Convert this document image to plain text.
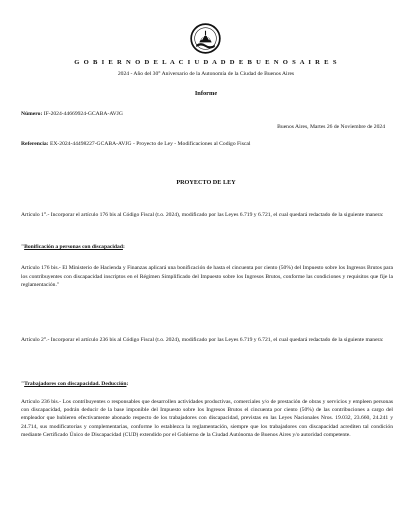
G O B I E R N O D E L A C I U D A D D E B U E N O S A I R E S
2024 - Año del 30° Aniversario de la Autonomía de la Ciudad de Buenos Aires
Informe
Número: IF-2024-44669924-GCABA-AVJG
Buenos Aires, Martes 26 de Noviembre de 2024
Referencia: EX-2024-44498227-GCABA-AVJG - Proyecto de Ley - Modificaciones al Codigo Fiscal
PROYECTO DE LEY
Artículo 1°.- Incorporar el artículo 176 bis al Código Fiscal (t.o. 2024), modificado por las Leyes 6.719 y 6.721, el cual quedará redactado de la siguiente manera:
"Bonificación a personas con discapacidad:
Artículo 176 bis.- El Ministerio de Hacienda y Finanzas aplicará una bonificación de hasta el cincuenta por ciento (50%) del Impuesto sobre los Ingresos Brutos para los contribuyentes con discapacidad inscriptos en el Régimen Simplificado del Impuesto sobre los Ingresos Brutos, conforme las condiciones y requisitos que fije la reglamentación."
Artículo 2°.- Incorporar el artículo 236 bis al Código Fiscal (t.o. 2024), modificado por las Leyes 6.719 y 6.721, el cual quedará redactado de la siguiente manera:
"Trabajadores con discapacidad. Deducción:
Artículo 236 bis.- Los contribuyentes o responsables que desarrollen actividades productivas, comerciales y/o de prestación de obras y servicios y empleen personas con discapacidad, podrán deducir de la base imponible del Impuesto sobre los Ingresos Brutos el cincuenta por ciento (50%) de las contribuciones a cargo del empleador que hubieren efectivamente abonado respecto de los trabajadores con discapacidad, previstas en las Leyes Nacionales Nros. 19.032, 23.660, 24.241 y 24.714, sus modificatorias y complementarias, conforme lo establezca la reglamentación, siempre que los trabajadores con discapacidad acrediten tal condición mediante Certificado Único de Discapacidad (CUD) extendido por el Gobierno de la Ciudad Autónoma de Buenos Aires y/o autoridad competente.
